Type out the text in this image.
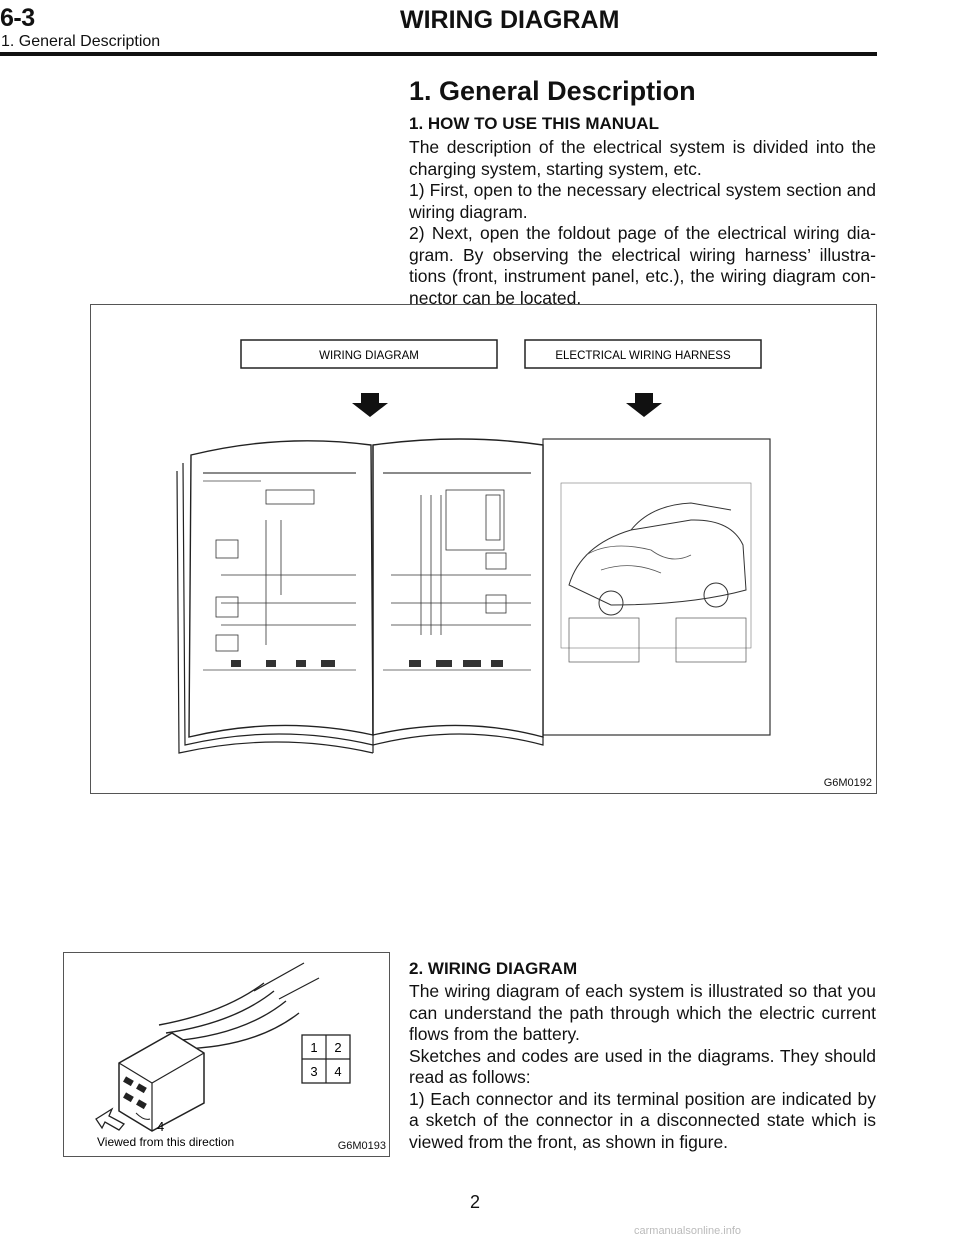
6-3	WIRING DIAGRAM
1. General Description
1. General Description
1. HOW TO USE THIS MANUAL
The description of the electrical system is divided into the charging system, starting system, etc.
1) First, open to the necessary electrical system section and wiring diagram.
2) Next, open the foldout page of the electrical wiring dia- gram. By observing the electrical wiring harness’ illustra- tions (front, instrument panel, etc.), the wiring diagram con- nector can be located.
WIRING DIAGRAM	ELECTRICAL WIRING HARNESS
G6M0192
2. WIRING DIAGRAM
The wiring diagram of each system is illustrated so that you can understand the path through which the electric current flows from the battery.
Sketches and codes are used in the diagrams. They should read as follows:
1) Each connector and its terminal position are indicated by a sketch of the connector in a disconnected state which is viewed from the front, as shown in figure.
4
1 2
3 4
Viewed from this direction	G6M0193
2
carmanualsonline.info
